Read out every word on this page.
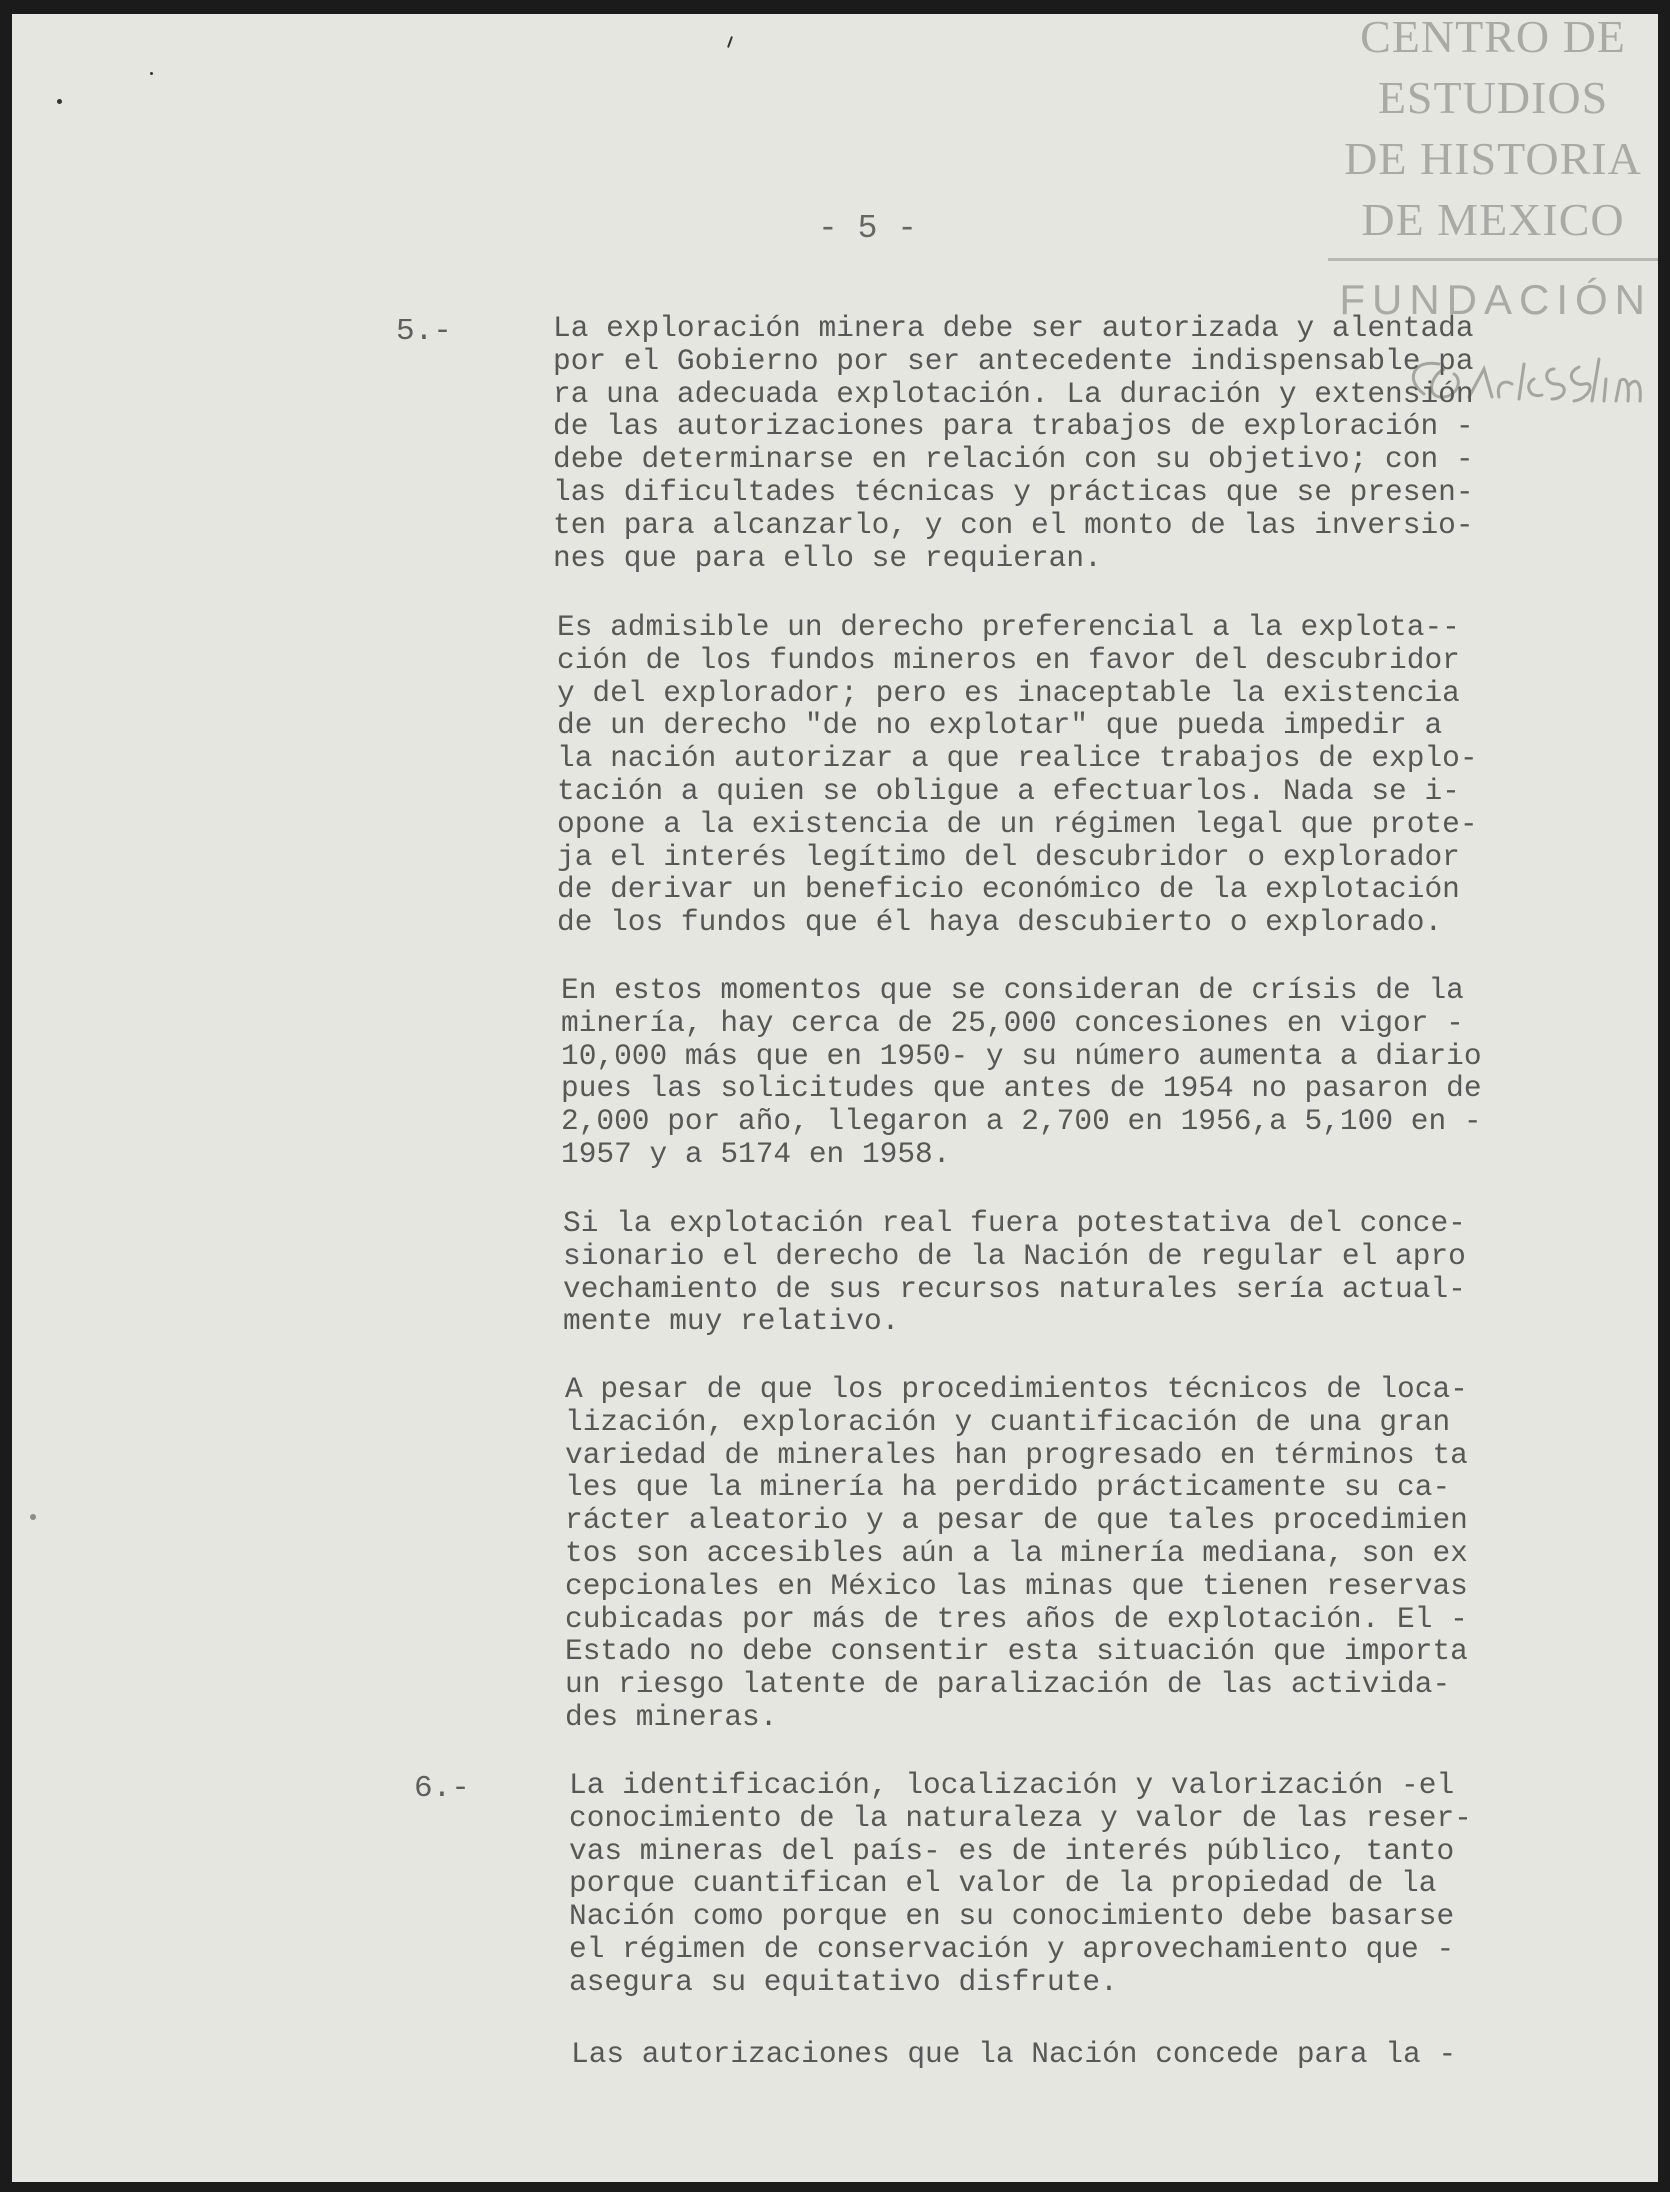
CENTRO DE
ESTUDIOS
DE HISTORIA
DE MEXICO
FUNDACIÓN
- 5 -
5.-	La exploración minera debe ser autorizada y alentada
por el Gobierno por ser antecedente indispensable pa
ra una adecuada explotación. La duración y extensión
de las autorizaciones para trabajos de exploración -
debe determinarse en relación con su objetivo; con -
las dificultades técnicas y prácticas que se presen-
ten para alcanzarlo, y con el monto de las inversio-
nes que para ello se requieran.

Es admisible un derecho preferencial a la explota--
ción de los fundos mineros en favor del descubridor
y del explorador; pero es inaceptable la existencia
de un derecho "de no explotar" que pueda impedir a
la nación autorizar a que realice trabajos de explo-
tación a quien se obligue a efectuarlos. Nada se i-
opone a la existencia de un régimen legal que prote-
ja el interés legítimo del descubridor o explorador
de derivar un beneficio económico de la explotación
de los fundos que él haya descubierto o explorado.

En estos momentos que se consideran de crísis de la
minería, hay cerca de 25,000 concesiones en vigor -
10,000 más que en 1950- y su número aumenta a diario
pues las solicitudes que antes de 1954 no pasaron de
2,000 por año, llegaron a 2,700 en 1956,a 5,100 en -
1957 y a 5174 en 1958.

Si la explotación real fuera potestativa del conce-
sionario el derecho de la Nación de regular el apro
vechamiento de sus recursos naturales sería actual-
mente muy relativo.

A pesar de que los procedimientos técnicos de loca-
lización, exploración y cuantificación de una gran
variedad de minerales han progresado en términos ta
les que la minería ha perdido prácticamente su ca-
rácter aleatorio y a pesar de que tales procedimien
tos son accesibles aún a la minería mediana, son ex
cepcionales en México las minas que tienen reservas
cubicadas por más de tres años de explotación. El -
Estado no debe consentir esta situación que importa
un riesgo latente de paralización de las activida-
des mineras.

6.-	La identificación, localización y valorización -el
conocimiento de la naturaleza y valor de las reser-
vas mineras del país- es de interés público, tanto
porque cuantifican el valor de la propiedad de la
Nación como porque en su conocimiento debe basarse
el régimen de conservación y aprovechamiento que -
asegura su equitativo disfrute.

Las autorizaciones que la Nación concede para la -
